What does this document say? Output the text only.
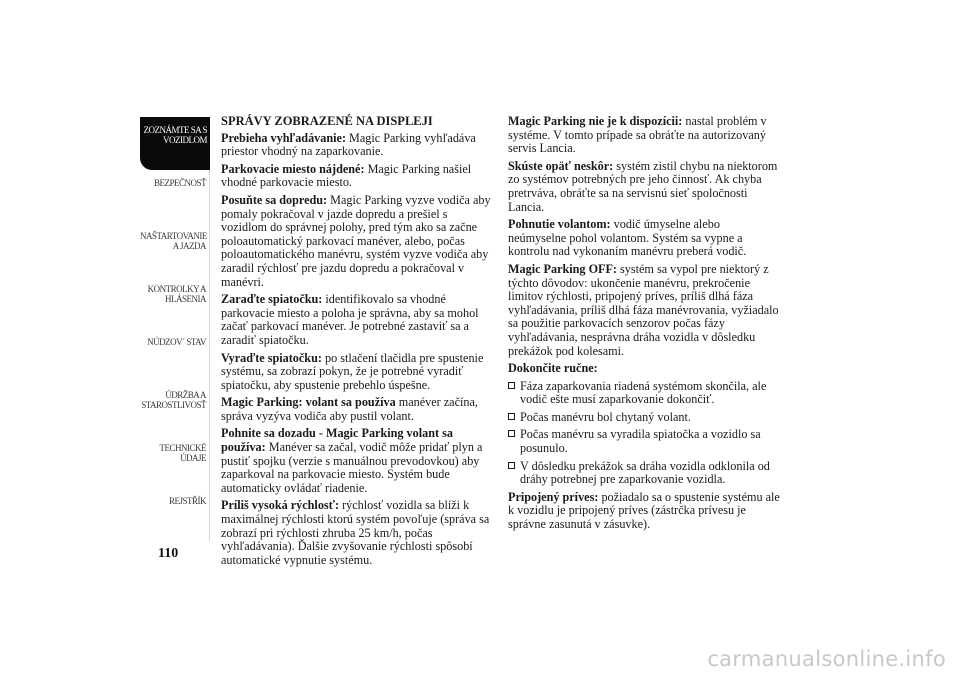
ZOZNÁMTE SA S
VOZIDLOM
BEZPEČNOSŤ
NAŠTARTOVANIE
A JAZDA
KONTROLKY A
HLÁSENIA
NÚDZOV´ STAV
ÚDRŽBA A
STAROSTLIVOSŤ
TECHNICKÉ
ÚDAJE
REJSTŘÍK
110
SPRÁVY ZOBRAZENÉ NA DISPLEJI

Prebieha vyhľadávanie: Magic Parking vyhľadáva priestor vhodný na zaparkovanie.

Parkovacie miesto nájdené: Magic Parking našiel vhodné parkovacie miesto.

Posuňte sa dopredu: Magic Parking vyzve vodiča aby pomaly pokračoval v jazde dopredu a prešiel s vozidlom do správnej polohy, pred tým ako sa začne poloautomatický parkovací manéver, alebo, počas poloautomatického manévru, systém vyzve vodiča aby zaradil rýchlosť pre jazdu dopredu a pokračoval v manévri.

Zaraďte spiatočku: identifikovalo sa vhodné parkovacie miesto a poloha je správna, aby sa mohol začať parkovací manéver. Je potrebné zastaviť sa a zaradiť spiatočku.

Vyraďte spiatočku: po stlačení tlačidla pre spustenie systému, sa zobrazí pokyn, že je potrebné vyradiť spiatočku, aby spustenie prebehlo úspešne.

Magic Parking: volant sa používa manéver začína, správa vyzýva vodiča aby pustil volant.

Pohnite sa dozadu - Magic Parking volant sa používa: Manéver sa začal, vodič môže pridať plyn a pustiť spojku (verzie s manuálnou prevodovkou) aby zaparkoval na parkovacie miesto. Systém bude automaticky ovládať riadenie.

Príliš vysoká rýchlosť: rýchlosť vozidla sa blíži k maximálnej rýchlosti ktorú systém povoľuje (správa sa zobrazí pri rýchlosti zhruba 25 km/h, počas vyhľadávania). Ďalšie zvyšovanie rýchlosti spôsobí automatické vypnutie systému.

Magic Parking nie je k dispozícii: nastal problém v systéme. V tomto prípade sa obráťte na autorizovaný servis Lancia.

Skúste opäť neskôr: systém zistil chybu na niektorom zo systémov potrebných pre jeho činnosť. Ak chyba pretrváva, obráťte sa na servisnú sieť spoločnosti Lancia.

Pohnutie volantom: vodič úmyselne alebo neúmyselne pohol volantom. Systém sa vypne a kontrolu nad vykonaním manévru preberá vodič.

Magic Parking OFF: systém sa vypol pre niektorý z týchto dôvodov: ukončenie manévru, prekročenie limitov rýchlosti, pripojený príves, príliš dlhá fáza vyhľadávania, príliš dlhá fáza manévrovania, vyžiadalo sa použitie parkovacích senzorov počas fázy vyhľadávania, nesprávna dráha vozidla v dôsledku prekážok pod kolesami.

Dokončite ručne:

Fáza zaparkovania riadená systémom skončila, ale vodič ešte musí zaparkovanie dokončiť.
Počas manévru bol chytaný volant.
Počas manévru sa vyradila spiatočka a vozidlo sa posunulo.
V dôsledku prekážok sa dráha vozidla odklonila od dráhy potrebnej pre zaparkovanie vozidla.

Pripojený príves: požiadalo sa o spustenie systému ale k vozidlu je pripojený príves (zástrčka prívesu je správne zasunutá v zásuvke).

carmanualsonline.info
